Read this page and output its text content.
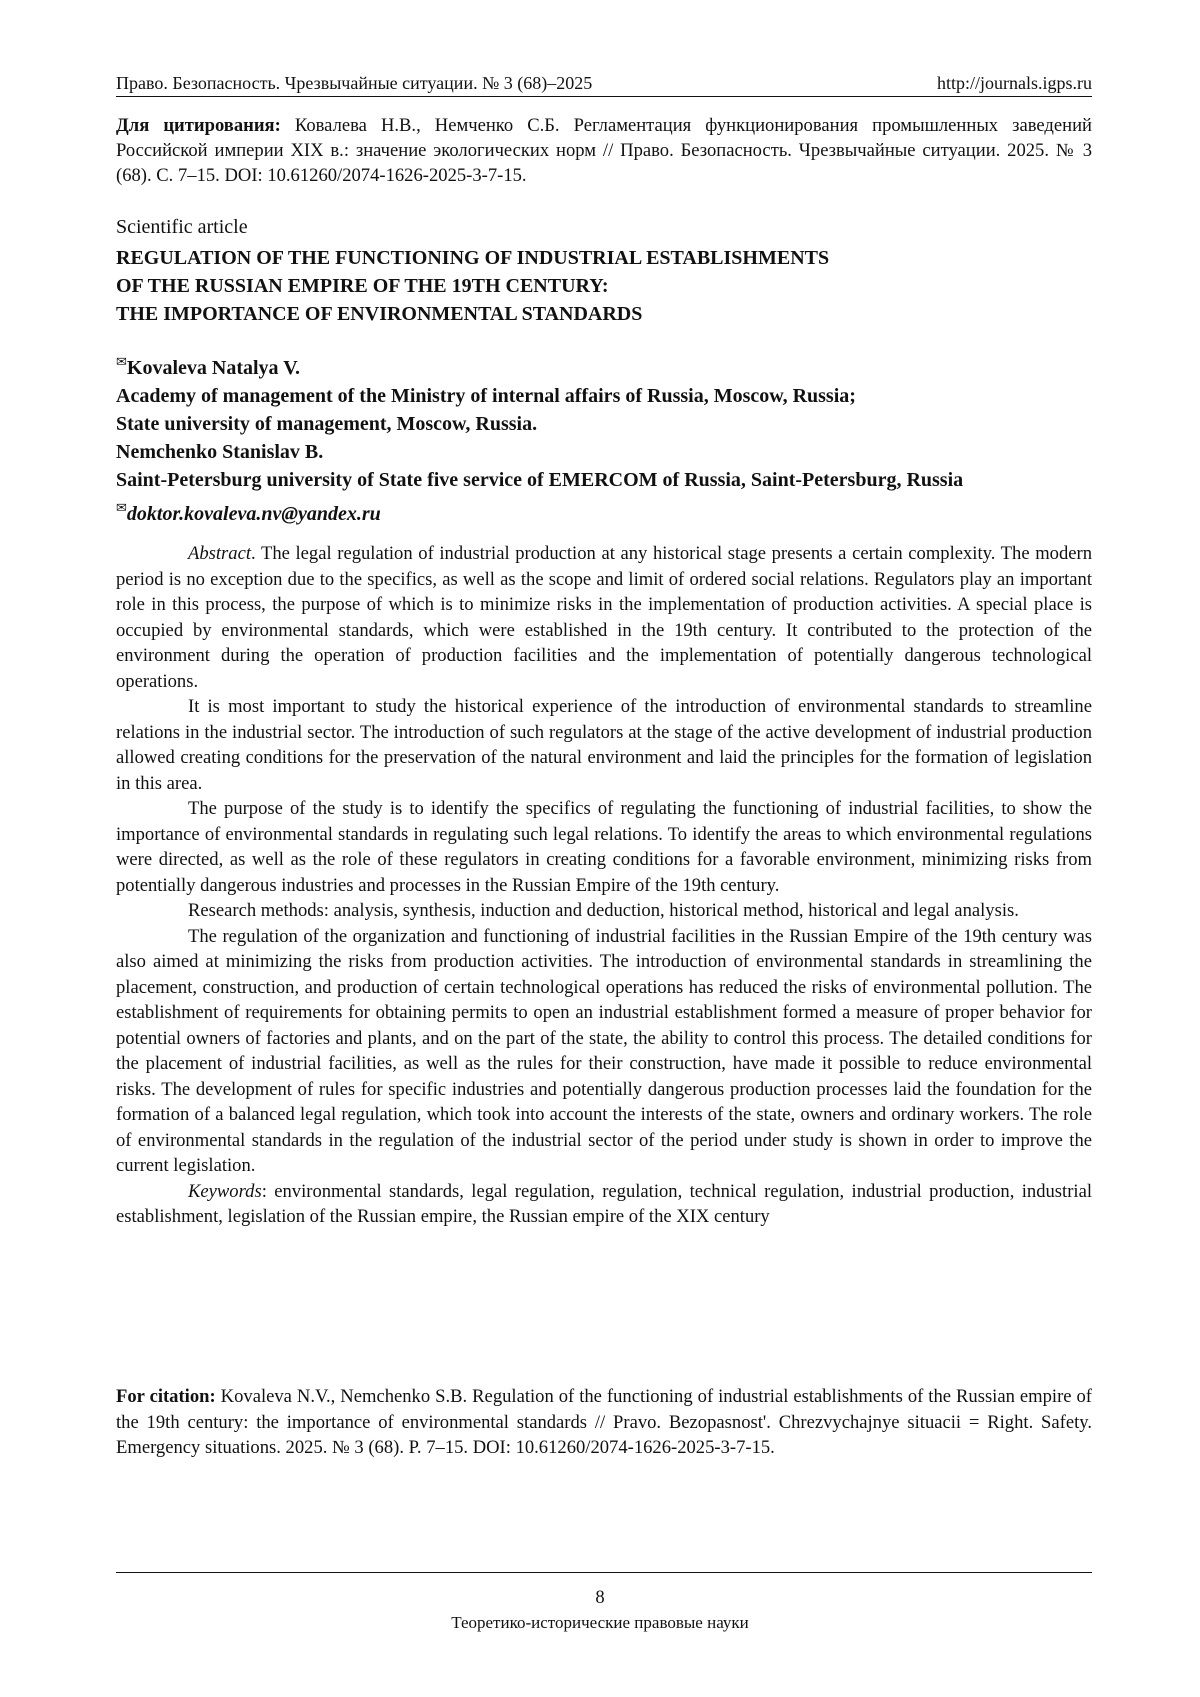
Право. Безопасность. Чрезвычайные ситуации. № 3 (68)–2025	http://journals.igps.ru
Для цитирования: Ковалева Н.В., Немченко С.Б. Регламентация функционирования промышленных заведений Российской империи XIX в.: значение экологических норм // Право. Безопасность. Чрезвычайные ситуации. 2025. № 3 (68). С. 7–15. DOI: 10.61260/2074-1626-2025-3-7-15.
Scientific article
REGULATION OF THE FUNCTIONING OF INDUSTRIAL ESTABLISHMENTS
OF THE RUSSIAN EMPIRE OF THE 19TH CENTURY:
THE IMPORTANCE OF ENVIRONMENTAL STANDARDS
✉Kovaleva Natalya V.
Academy of management of the Ministry of internal affairs of Russia, Moscow, Russia;
State university of management, Moscow, Russia.
Nemchenko Stanislav B.
Saint-Petersburg university of State five service of EMERCOM of Russia, Saint-Petersburg, Russia
✉doktor.kovaleva.nv@yandex.ru

Abstract. The legal regulation of industrial production at any historical stage presents a certain complexity. The modern period is no exception due to the specifics, as well as the scope and limit of ordered social relations. Regulators play an important role in this process, the purpose of which is to minimize risks in the implementation of production activities. A special place is occupied by environmental standards, which were established in the 19th century. It contributed to the protection of the environment during the operation of production facilities and the implementation of potentially dangerous technological operations.

It is most important to study the historical experience of the introduction of environmental standards to streamline relations in the industrial sector. The introduction of such regulators at the stage of the active development of industrial production allowed creating conditions for the preservation of the natural environment and laid the principles for the formation of legislation in this area.

The purpose of the study is to identify the specifics of regulating the functioning of industrial facilities, to show the importance of environmental standards in regulating such legal relations. To identify the areas to which environmental regulations were directed, as well as the role of these regulators in creating conditions for a favorable environment, minimizing risks from potentially dangerous industries and processes in the Russian Empire of the 19th century.

Research methods: analysis, synthesis, induction and deduction, historical method, historical and legal analysis.

The regulation of the organization and functioning of industrial facilities in the Russian Empire of the 19th century was also aimed at minimizing the risks from production activities. The introduction of environmental standards in streamlining the placement, construction, and production of certain technological operations has reduced the risks of environmental pollution. The establishment of requirements for obtaining permits to open an industrial establishment formed a measure of proper behavior for potential owners of factories and plants, and on the part of the state, the ability to control this process. The detailed conditions for the placement of industrial facilities, as well as the rules for their construction, have made it possible to reduce environmental risks. The development of rules for specific industries and potentially dangerous production processes laid the foundation for the formation of a balanced legal regulation, which took into account the interests of the state, owners and ordinary workers. The role of environmental standards in the regulation of the industrial sector of the period under study is shown in order to improve the current legislation.

Keywords: environmental standards, legal regulation, regulation, technical regulation, industrial production, industrial establishment, legislation of the Russian empire, the Russian empire of the XIX century

For citation: Kovaleva N.V., Nemchenko S.B. Regulation of the functioning of industrial establishments of the Russian empire of the 19th century: the importance of environmental standards // Pravo. Bezopasnost'. Chrezvychajnye situacii = Right. Safety. Emergency situations. 2025. № 3 (68). P. 7–15. DOI: 10.61260/2074-1626-2025-3-7-15.
8
Теоретико-исторические правовые науки
